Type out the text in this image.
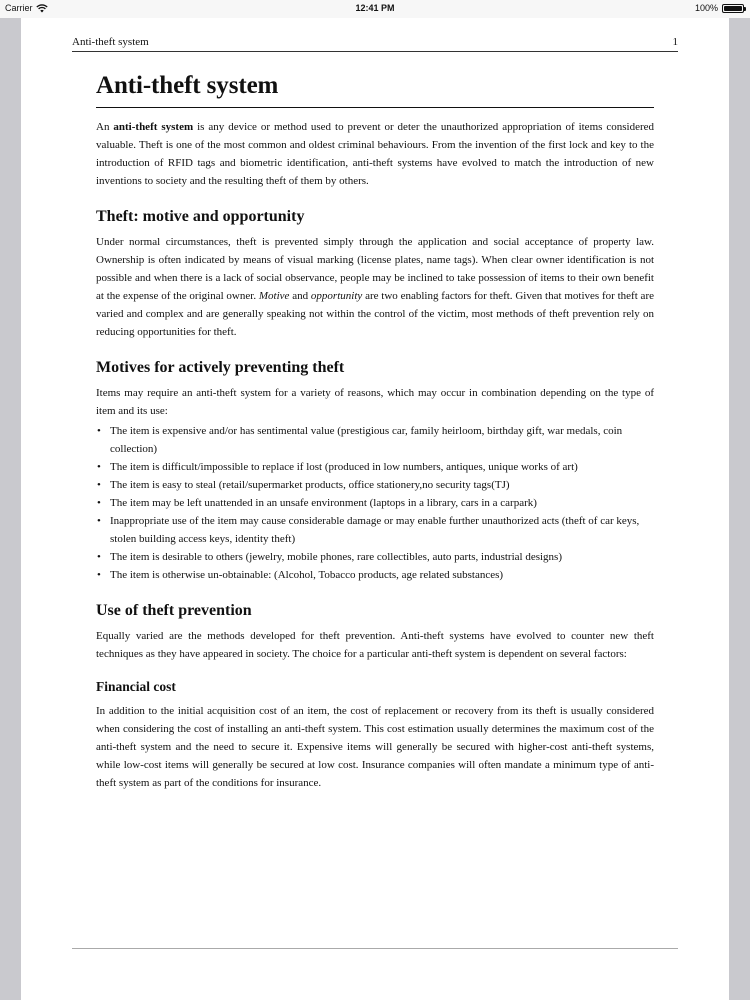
Carrier	12:41 PM	100%
Anti-theft system	1
Anti-theft system

An anti-theft system is any device or method used to prevent or deter the unauthorized appropriation of items considered valuable. Theft is one of the most common and oldest criminal behaviours. From the invention of the first lock and key to the introduction of RFID tags and biometric identification, anti-theft systems have evolved to match the introduction of new inventions to society and the resulting theft of them by others.

Theft: motive and opportunity

Under normal circumstances, theft is prevented simply through the application and social acceptance of property law. Ownership is often indicated by means of visual marking (license plates, name tags). When clear owner identification is not possible and when there is a lack of social observance, people may be inclined to take possession of items to their own benefit at the expense of the original owner. Motive and opportunity are two enabling factors for theft. Given that motives for theft are varied and complex and are generally speaking not within the control of the victim, most methods of theft prevention rely on reducing opportunities for theft.

Motives for actively preventing theft

Items may require an anti-theft system for a variety of reasons, which may occur in combination depending on the type of item and its use:

• The item is expensive and/or has sentimental value (prestigious car, family heirloom, birthday gift, war medals, coin collection)
• The item is difficult/impossible to replace if lost (produced in low numbers, antiques, unique works of art)
• The item is easy to steal (retail/supermarket products, office stationery,no security tags(TJ)
• The item may be left unattended in an unsafe environment (laptops in a library, cars in a carpark)
• Inappropriate use of the item may cause considerable damage or may enable further unauthorized acts (theft of car keys, stolen building access keys, identity theft)
• The item is desirable to others (jewelry, mobile phones, rare collectibles, auto parts, industrial designs)
• The item is otherwise un-obtainable: (Alcohol, Tobacco products, age related substances)
Use of theft prevention

Equally varied are the methods developed for theft prevention. Anti-theft systems have evolved to counter new theft techniques as they have appeared in society. The choice for a particular anti-theft system is dependent on several factors:

Financial cost

In addition to the initial acquisition cost of an item, the cost of replacement or recovery from its theft is usually considered when considering the cost of installing an anti-theft system. This cost estimation usually determines the maximum cost of the anti-theft system and the need to secure it. Expensive items will generally be secured with higher-cost anti-theft systems, while low-cost items will generally be secured at low cost. Insurance companies will often mandate a minimum type of anti-theft system as part of the conditions for insurance.
